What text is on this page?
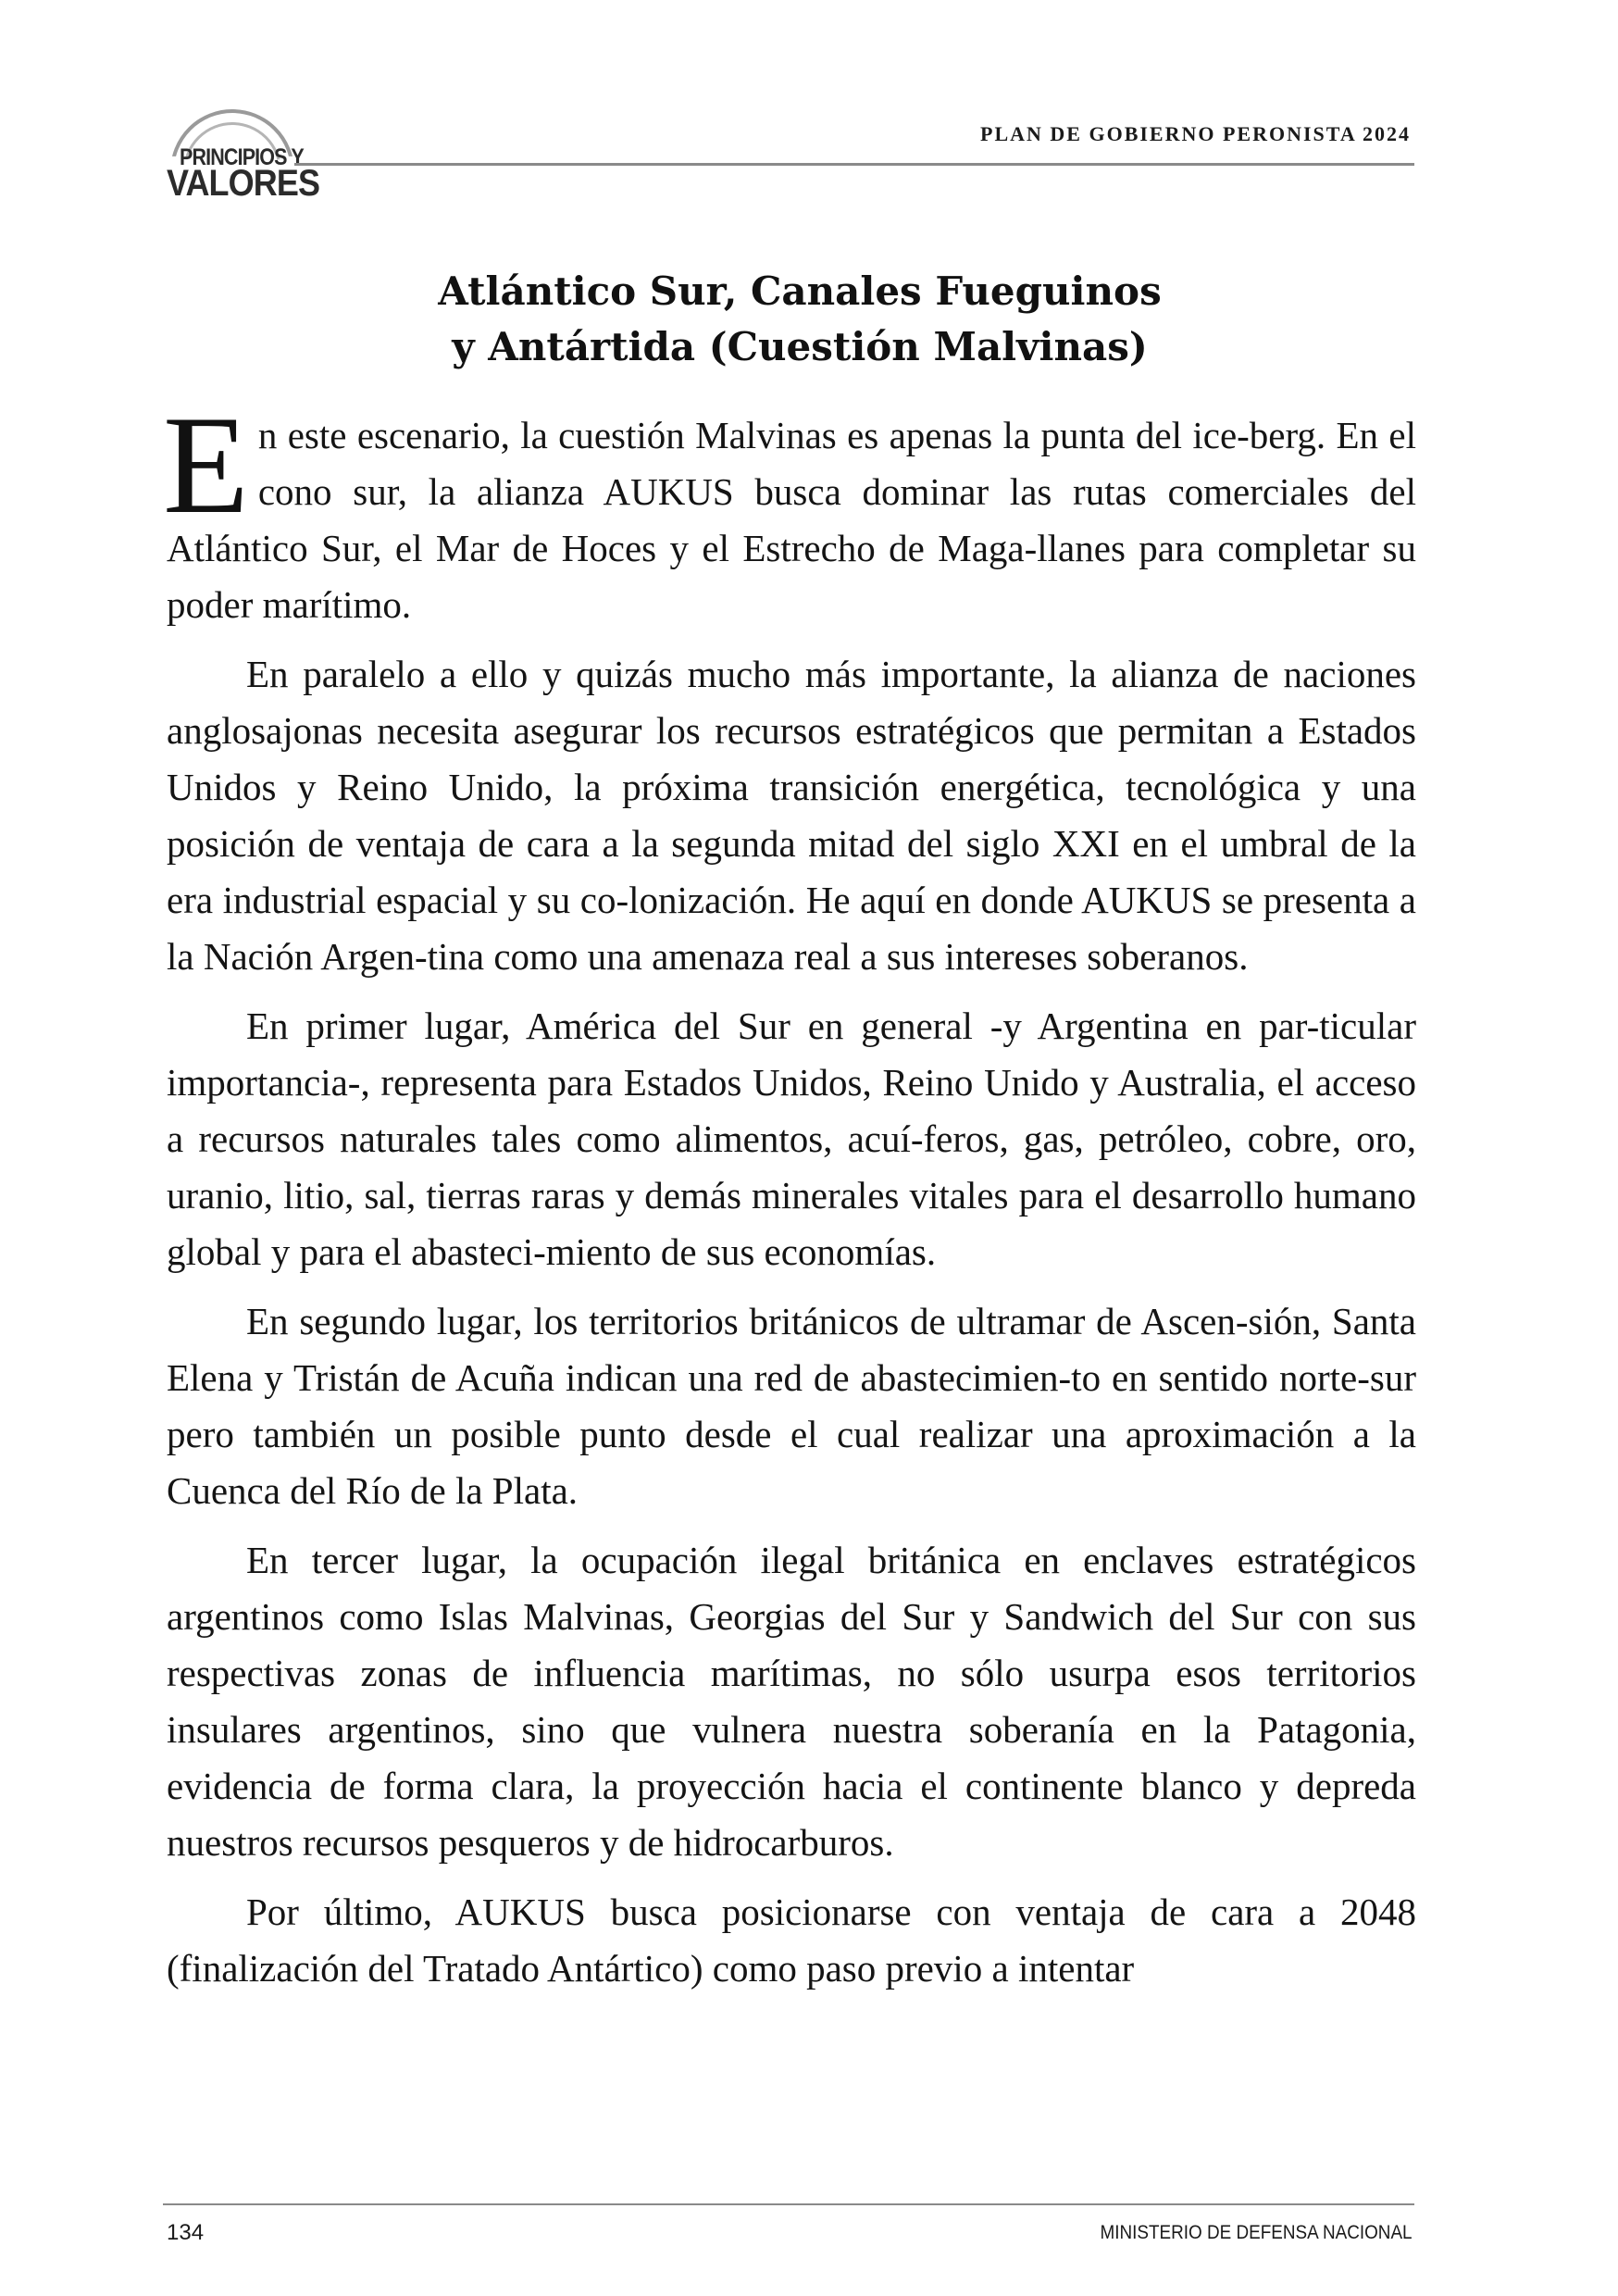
PRINCIPIOS Y
VALORES
PLAN DE GOBIERNO PERONISTA 2024
Atlántico Sur, Canales Fueguinos
y Antártida (Cuestión Malvinas)

En este escenario, la cuestión Malvinas es apenas la punta del ice-berg. En el cono sur, la alianza AUKUS busca dominar las rutas comerciales del Atlántico Sur, el Mar de Hoces y el Estrecho de Maga-llanes para completar su poder marítimo.

En paralelo a ello y quizás mucho más importante, la alianza de naciones anglosajonas necesita asegurar los recursos estratégicos que permitan a Estados Unidos y Reino Unido, la próxima transición energética, tecnológica y una posición de ventaja de cara a la segunda mitad del siglo XXI en el umbral de la era industrial espacial y su co-lonización. He aquí en donde AUKUS se presenta a la Nación Argen-tina como una amenaza real a sus intereses soberanos.

En primer lugar, América del Sur en general -y Argentina en par-ticular importancia-, representa para Estados Unidos, Reino Unido y Australia, el acceso a recursos naturales tales como alimentos, acuí-feros, gas, petróleo, cobre, oro, uranio, litio, sal, tierras raras y demás minerales vitales para el desarrollo humano global y para el abasteci-miento de sus economías.

En segundo lugar, los territorios británicos de ultramar de Ascen-sión, Santa Elena y Tristán de Acuña indican una red de abastecimien-to en sentido norte-sur pero también un posible punto desde el cual realizar una aproximación a la Cuenca del Río de la Plata.

En tercer lugar, la ocupación ilegal británica en enclaves estratégicos argentinos como Islas Malvinas, Georgias del Sur y Sandwich del Sur con sus respectivas zonas de influencia marítimas, no sólo usurpa esos territorios insulares argentinos, sino que vulnera nuestra soberanía en la Patagonia, evidencia de forma clara, la proyección hacia el continente blanco y depreda nuestros recursos pesqueros y de hidrocarburos.

Por último, AUKUS busca posicionarse con ventaja de cara a 2048 (finalización del Tratado Antártico) como paso previo a intentar

134	MINISTERIO DE DEFENSA NACIONAL
